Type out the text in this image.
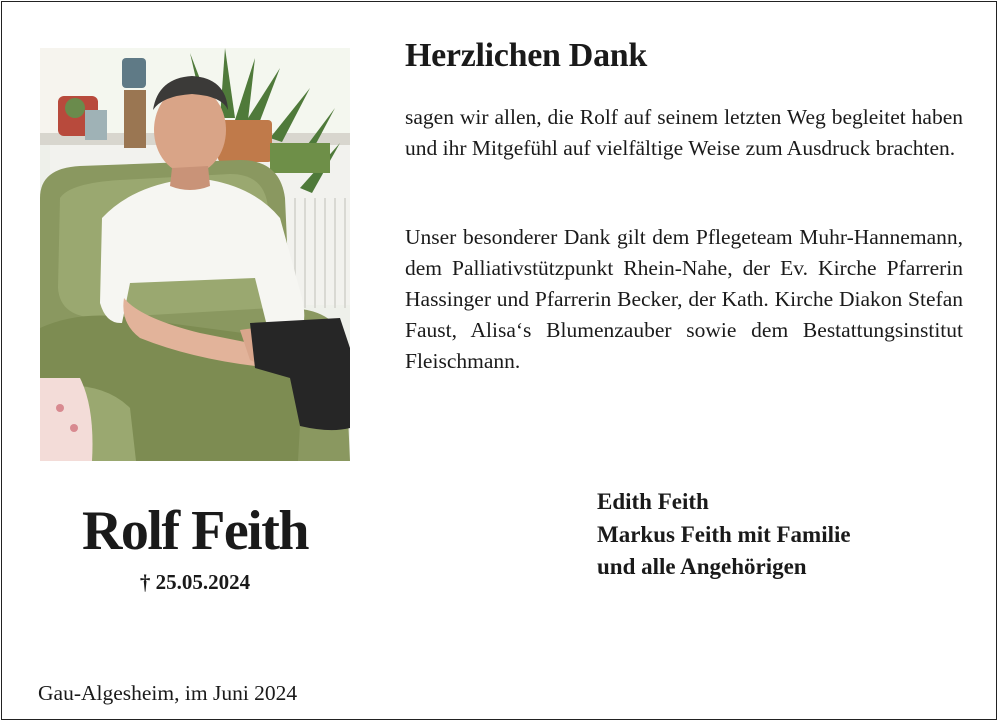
Rolf Feith
† 25.05.2024
Herzlichen Dank
sagen wir allen, die Rolf auf seinem letzten Weg begleitet haben und ihr Mitgefühl auf vielfältige Weise zum Ausdruck brachten.
Unser besonderer Dank gilt dem Pflegeteam Muhr-Hannemann, dem Palliativstützpunkt Rhein-Nahe, der Ev. Kirche Pfarrerin Hassinger und Pfarrerin Becker, der Kath. Kirche Diakon Stefan Faust, Alisa‘s Blumenzauber sowie dem Bestattungsinstitut Fleischmann.
Edith Feith
Markus Feith mit Familie
und alle Angehörigen
Gau-Algesheim, im Juni 2024
